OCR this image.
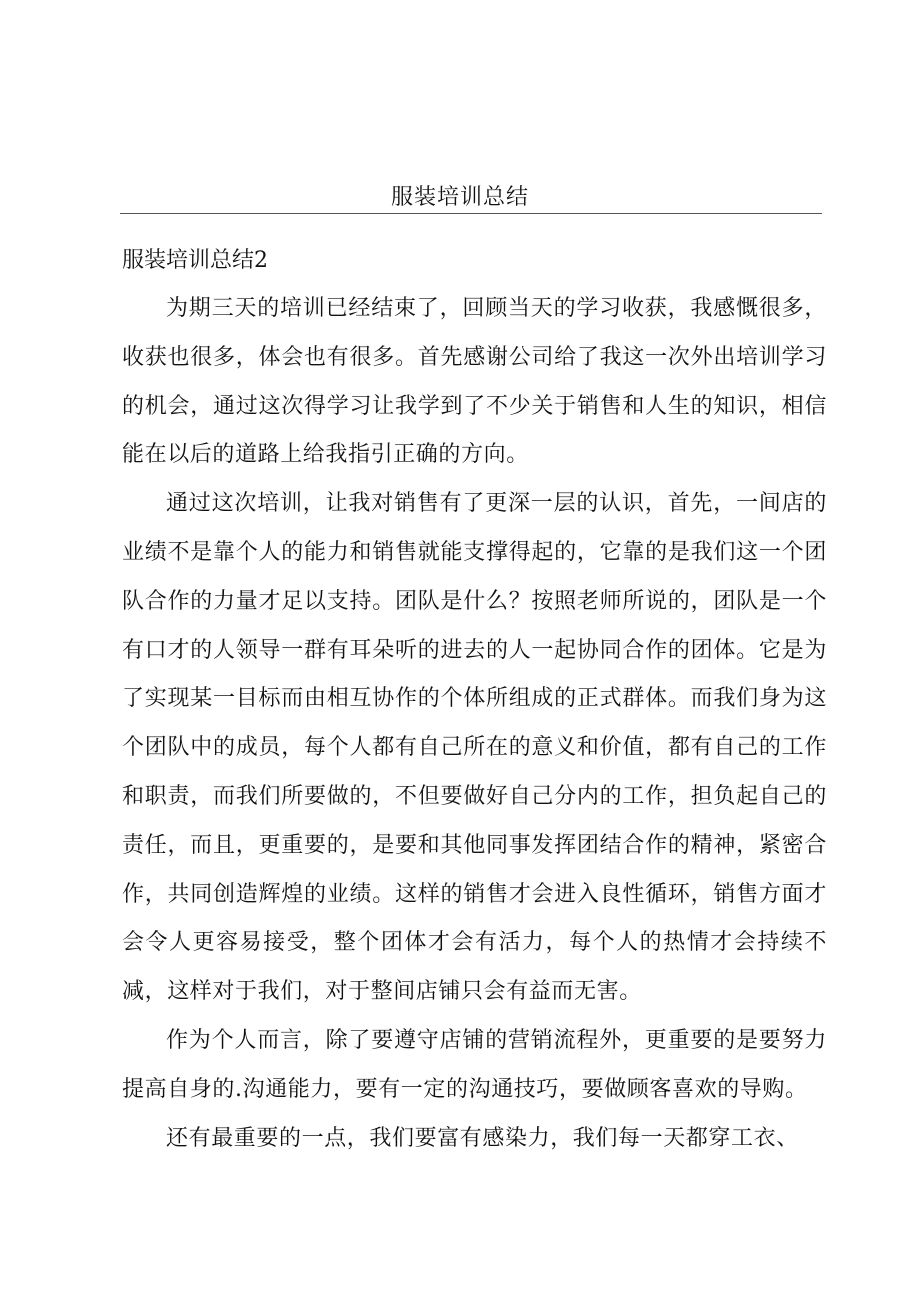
服装培训总结
服装培训总结2

为期三天的培训已经结束了，回顾当天的学习收获，我感慨很多，收获也很多，体会也有很多。首先感谢公司给了我这一次外出培训学习的机会，通过这次得学习让我学到了不少关于销售和人生的知识，相信能在以后的道路上给我指引正确的方向。

通过这次培训，让我对销售有了更深一层的认识，首先，一间店的业绩不是靠个人的能力和销售就能支撑得起的，它靠的是我们这一个团队合作的力量才足以支持。团队是什么？按照老师所说的，团队是一个有口才的人领导一群有耳朵听的进去的人一起协同合作的团体。它是为了实现某一目标而由相互协作的个体所组成的正式群体。而我们身为这个团队中的成员，每个人都有自己所在的意义和价值，都有自己的工作和职责，而我们所要做的，不但要做好自己分内的工作，担负起自己的责任，而且，更重要的，是要和其他同事发挥团结合作的精神，紧密合作，共同创造辉煌的业绩。这样的销售才会进入良性循环，销售方面才会令人更容易接受，整个团体才会有活力，每个人的热情才会持续不减，这样对于我们，对于整间店铺只会有益而无害。

作为个人而言，除了要遵守店铺的营销流程外，更重要的是要努力提高自身的.沟通能力，要有一定的沟通技巧，要做顾客喜欢的导购。

还有最重要的一点，我们要富有感染力，我们每一天都穿工衣、
